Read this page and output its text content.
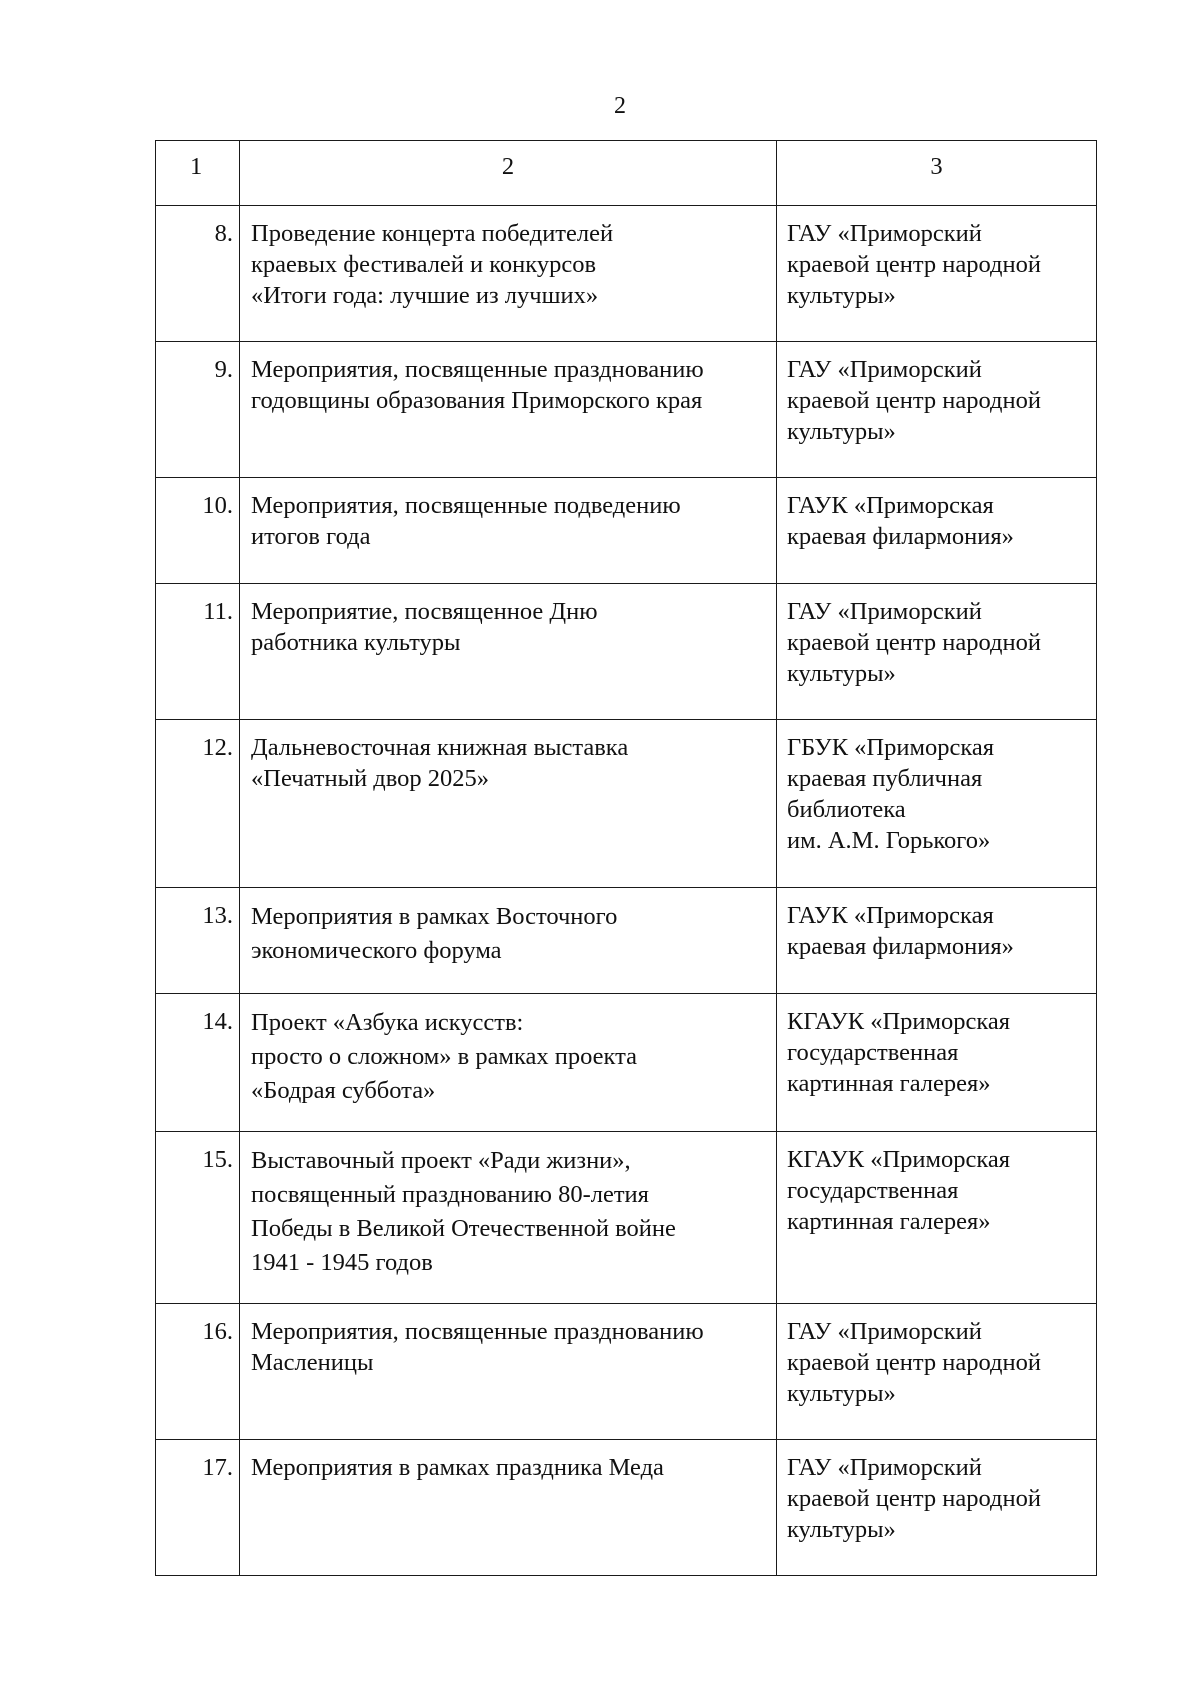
2
1	2	3
8.	Проведение концерта победителей
краевых фестивалей и конкурсов
«Итоги года: лучшие из лучших»	ГАУ «Приморский
краевой центр народной
культуры»

9.	Мероприятия, посвященные празднованию
годовщины образования Приморского края	ГАУ «Приморский
краевой центр народной
культуры»

10.	Мероприятия, посвященные подведению
итогов года	ГАУК «Приморская
краевая филармония»

11.	Мероприятие, посвященное Дню
работника культуры	ГАУ «Приморский
краевой центр народной
культуры»

12.	Дальневосточная книжная выставка
«Печатный двор 2025»	ГБУК «Приморская
краевая публичная
библиотека
им. А.М. Горького»

13.	Мероприятия в рамках Восточного
экономического форума	ГАУК «Приморская
краевая филармония»

14.	Проект «Азбука искусств:
просто о сложном» в рамках проекта
«Бодрая суббота»	КГАУК «Приморская
государственная
картинная галерея»

15.	Выставочный проект «Ради жизни»,
посвященный празднованию 80-летия
Победы в Великой Отечественной войне
1941 - 1945 годов	КГАУК «Приморская
государственная
картинная галерея»

16.	Мероприятия, посвященные празднованию
Масленицы	ГАУ «Приморский
краевой центр народной
культуры»

17.	Мероприятия в рамках праздника Меда	ГАУ «Приморский
краевой центр народной
культуры»
